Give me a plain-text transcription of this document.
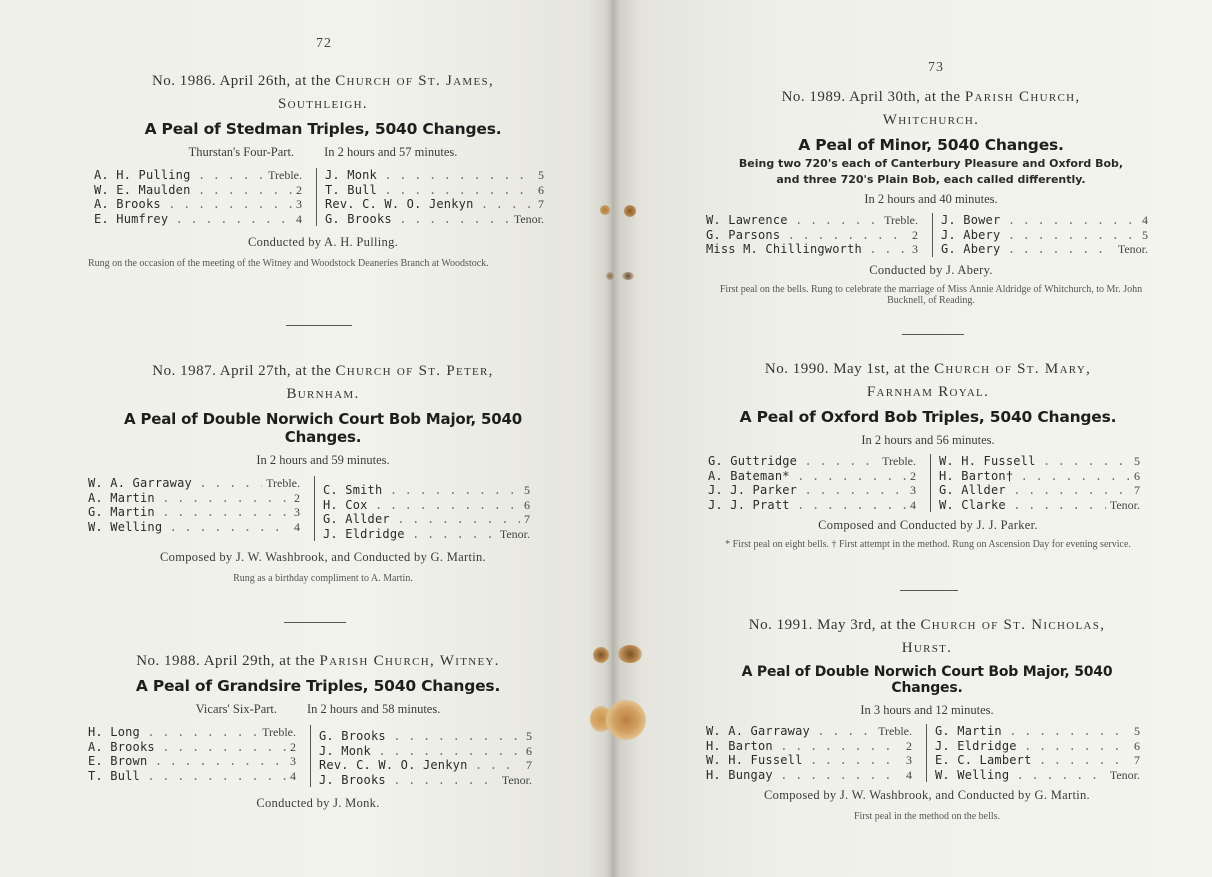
72
No. 1986. April 26th, at the Church of St. James,
Southleigh.
A Peal of Stedman Triples, 5040 Changes.
Thurstan's Four-Part. In 2 hours and 57 minutes.
A. H. Pulling . . .	Treble.
W. E. Maulden . . .	2
A. Brooks . . .	3
E. Humfrey . . .	4
J. Monk . . .	5
T. Bull . . .	6
Rev. C. W. O. Jenkyn . . .	7
G. Brooks . . .	Tenor.
Conducted by A. H. Pulling.
Rung on the occasion of the meeting of the Witney and Woodstock Deaneries Branch at Woodstock.
No. 1987. April 27th, at the Church of St. Peter,
Burnham.
A Peal of Double Norwich Court Bob Major, 5040 Changes.
In 2 hours and 59 minutes.
W. A. Garraway . . .	Treble.
A. Martin . . .	2
G. Martin . . .	3
W. Welling . . .	4
C. Smith . . .	5
H. Cox . . .	6
G. Allder . . .	7
J. Eldridge . . .	Tenor.
Composed by J. W. Washbrook, and Conducted by G. Martin.
Rung as a birthday compliment to A. Martin.
No. 1988. April 29th, at the Parish Church, Witney.
A Peal of Grandsire Triples, 5040 Changes.
Vicars' Six-Part. In 2 hours and 58 minutes.
H. Long . . .	Treble.
A. Brooks . . .	2
E. Brown . . .	3
T. Bull . . .	4
G. Brooks . . .	5
J. Monk . . .	6
Rev. C. W. O. Jenkyn . . .	7
J. Brooks . . .	Tenor.
Conducted by J. Monk.
73
No. 1989. April 30th, at the Parish Church,
Whitchurch.
A Peal of Minor, 5040 Changes.
Being two 720's each of Canterbury Pleasure and Oxford Bob, and three 720's Plain Bob, each called differently.
In 2 hours and 40 minutes.
W. Lawrence . . .	Treble.
G. Parsons . . .	2
Miss M. Chillingworth . . .	3
J. Bower . . .	4
J. Abery . . .	5
G. Abery . . .	Tenor.
Conducted by J. Abery.
First peal on the bells. Rung to celebrate the marriage of Miss Annie Aldridge of Whitchurch, to Mr. John Bucknell, of Reading.
No. 1990. May 1st, at the Church of St. Mary,
Farnham Royal.
A Peal of Oxford Bob Triples, 5040 Changes.
In 2 hours and 56 minutes.
G. Guttridge . . .	Treble.
A. Bateman* . . .	2
J. J. Parker . . .	3
J. J. Pratt . . .	4
W. H. Fussell . . .	5
H. Barton† . . .	6
G. Allder . . .	7
W. Clarke . . .	Tenor.
Composed and Conducted by J. J. Parker.
* First peal on eight bells. † First attempt in the method. Rung on Ascension Day for evening service.
No. 1991. May 3rd, at the Church of St. Nicholas,
Hurst.
A Peal of Double Norwich Court Bob Major, 5040 Changes.
In 3 hours and 12 minutes.
W. A. Garraway . . .	Treble.
H. Barton . . .	2
W. H. Fussell . . .	3
H. Bungay . . .	4
G. Martin . . .	5
J. Eldridge . . .	6
E. C. Lambert . . .	7
W. Welling . . .	Tenor.
Composed by J. W. Washbrook, and Conducted by G. Martin.
First peal in the method on the bells.
